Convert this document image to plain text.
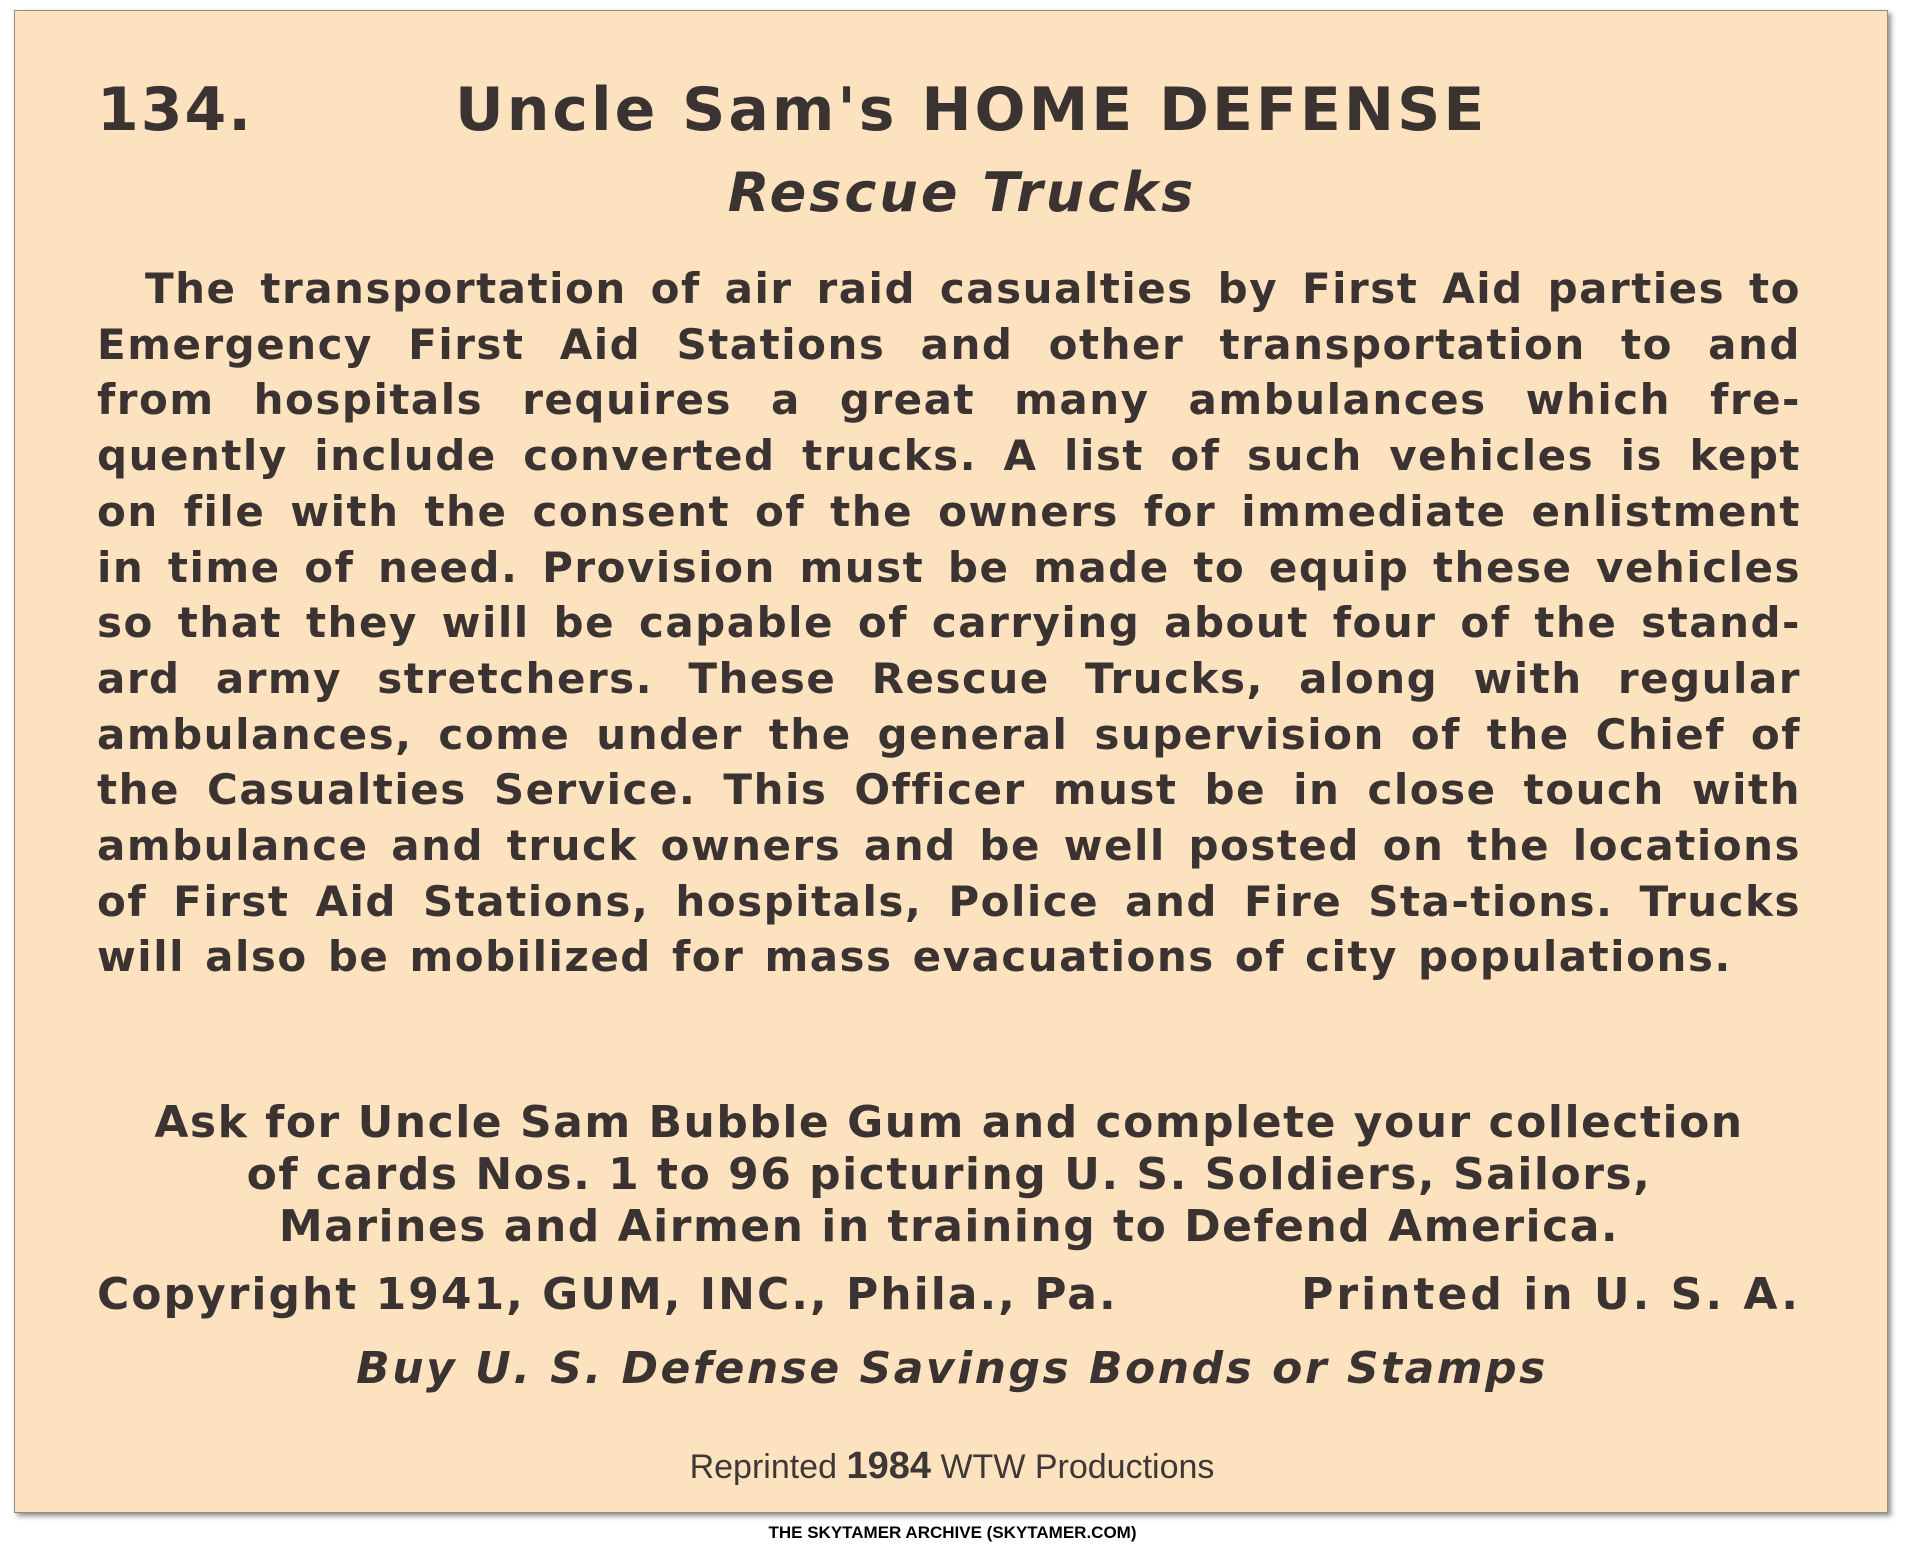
134.	Uncle Sam's HOME DEFENSE
Rescue Trucks

The transportation of air raid casualties by First Aid parties to Emergency First Aid Stations and other transportation to and from hospitals requires a great many ambulances which fre-quently include converted trucks. A list of such vehicles is kept on file with the consent of the owners for immediate enlistment in time of need. Provision must be made to equip these vehicles so that they will be capable of carrying about four of the stand-ard army stretchers. These Rescue Trucks, along with regular ambulances, come under the general supervision of the Chief of the Casualties Service. This Officer must be in close touch with ambulance and truck owners and be well posted on the locations of First Aid Stations, hospitals, Police and Fire Sta-tions. Trucks will also be mobilized for mass evacuations of city populations.

Ask for Uncle Sam Bubble Gum and complete your collection
of cards Nos. 1 to 96 picturing U. S. Soldiers, Sailors,
Marines and Airmen in training to Defend America.

Copyright 1941, GUM, INC., Phila., Pa.	Printed in U. S. A.

Buy U. S. Defense Savings Bonds or Stamps

Reprinted 1984 WTW Productions

THE SKYTAMER ARCHIVE (SKYTAMER.COM)
